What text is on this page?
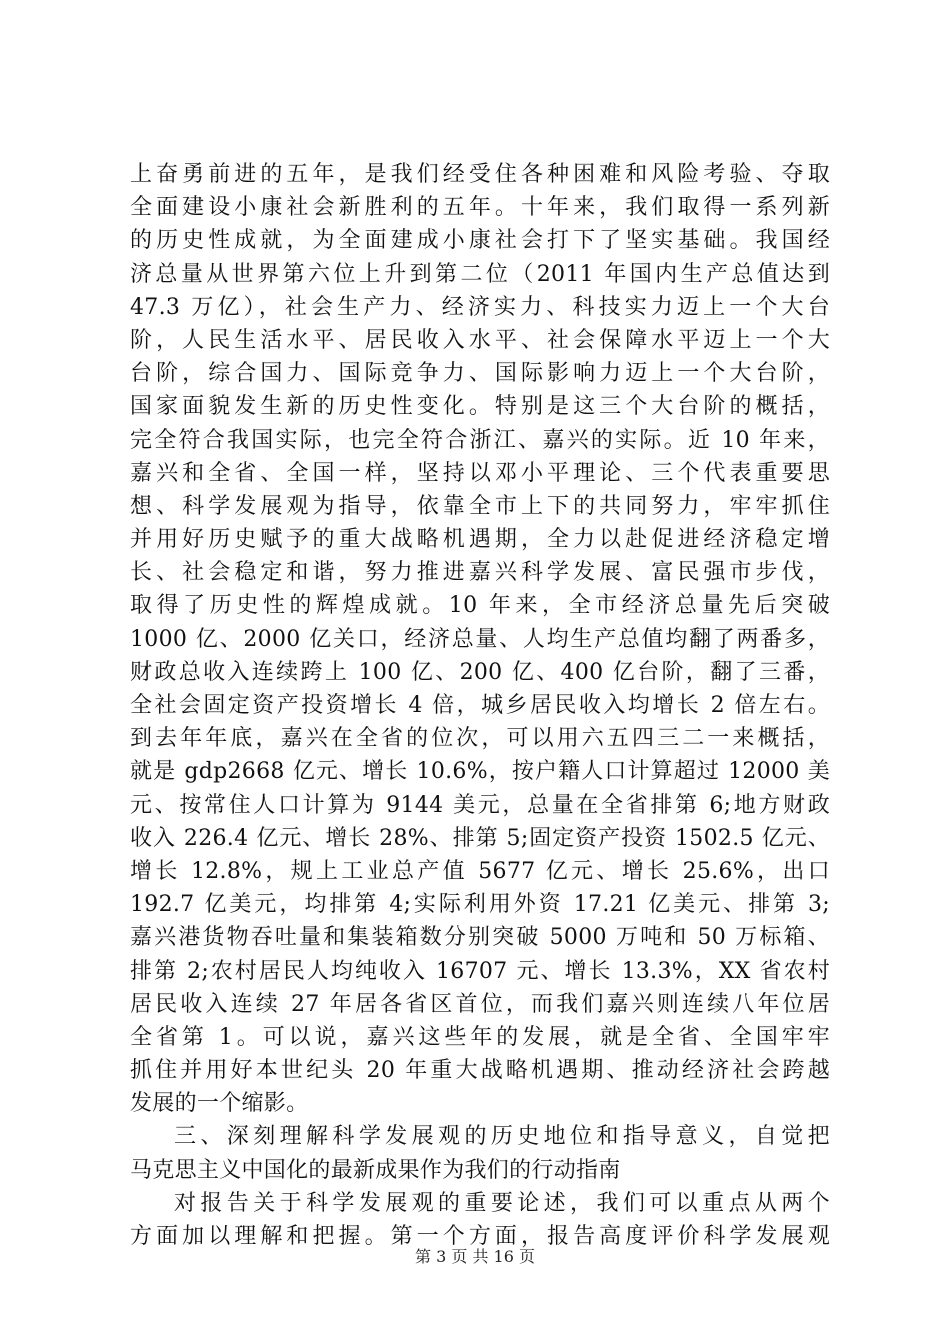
上奋勇前进的五年，是我们经受住各种困难和风险考验、夺取
全面建设小康社会新胜利的五年。十年来，我们取得一系列新
的历史性成就，为全面建成小康社会打下了坚实基础。我国经
济总量从世界第六位上升到第二位（2011 年国内生产总值达到
47.3 万亿），社会生产力、经济实力、科技实力迈上一个大台
阶，人民生活水平、居民收入水平、社会保障水平迈上一个大
台阶，综合国力、国际竞争力、国际影响力迈上一个大台阶，
国家面貌发生新的历史性变化。特别是这三个大台阶的概括，
完全符合我国实际，也完全符合浙江、嘉兴的实际。近 10 年来，
嘉兴和全省、全国一样，坚持以邓小平理论、三个代表重要思
想、科学发展观为指导，依靠全市上下的共同努力，牢牢抓住
并用好历史赋予的重大战略机遇期，全力以赴促进经济稳定增
长、社会稳定和谐，努力推进嘉兴科学发展、富民强市步伐，
取得了历史性的辉煌成就。10 年来，全市经济总量先后突破
1000 亿、2000 亿关口，经济总量、人均生产总值均翻了两番多，
财政总收入连续跨上 100 亿、200 亿、400 亿台阶，翻了三番，
全社会固定资产投资增长 4 倍，城乡居民收入均增长 2 倍左右。
到去年年底，嘉兴在全省的位次，可以用六五四三二一来概括，
就是 gdp2668 亿元、增长 10.6%，按户籍人口计算超过 12000 美
元、按常住人口计算为 9144 美元，总量在全省排第 6;地方财政
收入 226.4 亿元、增长 28%、排第 5;固定资产投资 1502.5 亿元、
增长 12.8%，规上工业总产值 5677 亿元、增长 25.6%，出口
192.7 亿美元，均排第 4;实际利用外资 17.21 亿美元、排第 3;
嘉兴港货物吞吐量和集装箱数分别突破 5000 万吨和 50 万标箱、
排第 2;农村居民人均纯收入 16707 元、增长 13.3%，XX 省农村
居民收入连续 27 年居各省区首位，而我们嘉兴则连续八年位居
全省第 1。可以说，嘉兴这些年的发展，就是全省、全国牢牢
抓住并用好本世纪头 20 年重大战略机遇期、推动经济社会跨越
发展的一个缩影。
三、深刻理解科学发展观的历史地位和指导意义，自觉把
马克思主义中国化的最新成果作为我们的行动指南
对报告关于科学发展观的重要论述，我们可以重点从两个
方面加以理解和把握。第一个方面，报告高度评价科学发展观
第 3 页 共 16 页
